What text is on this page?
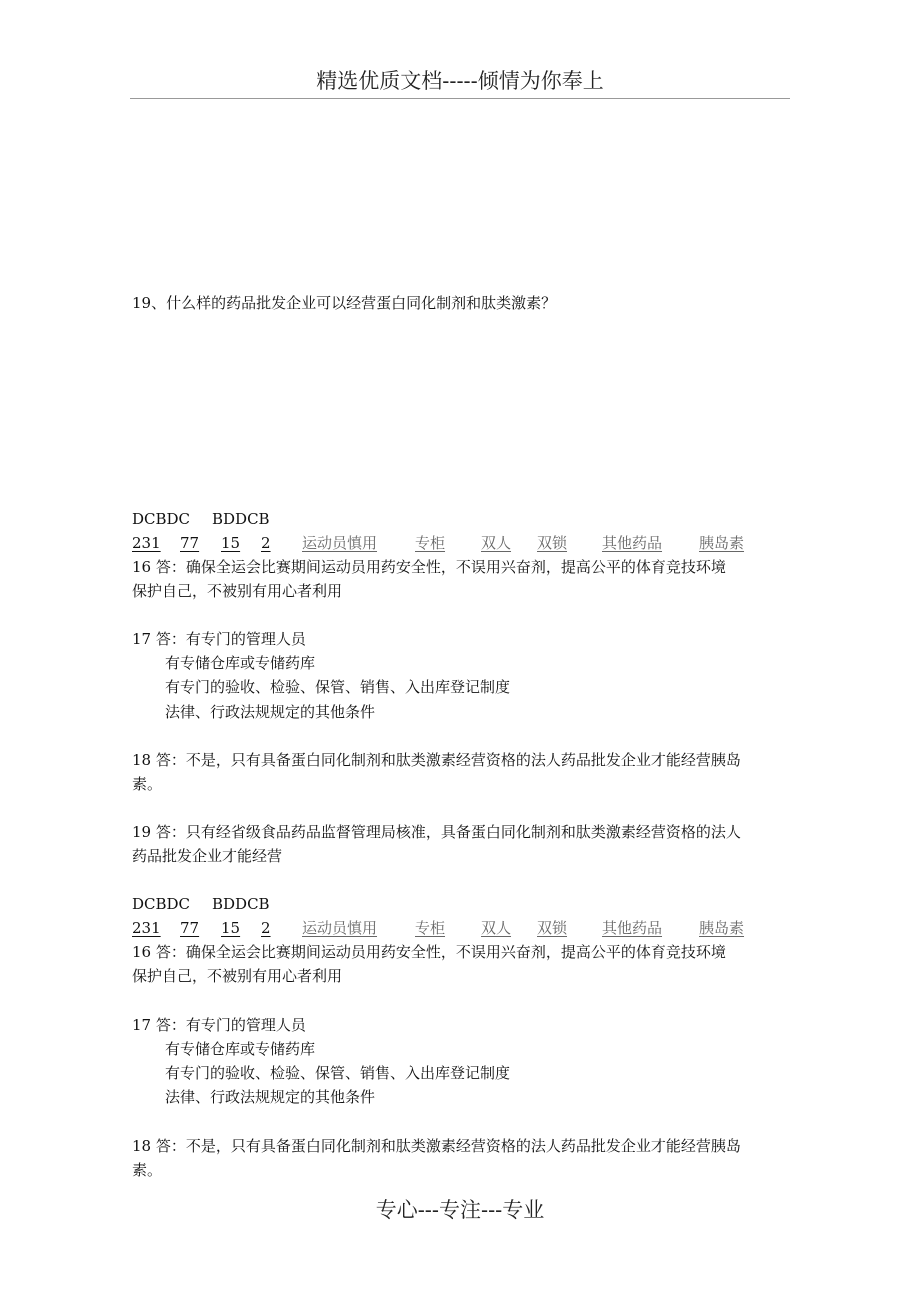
精选优质文档-----倾情为你奉上
19、什么样的药品批发企业可以经营蛋白同化制剂和肽类激素？
DCBDC BDDCB
231 77 15 2 运动员慎用	专柜 双人 双锁 其他药品 胰岛素
16 答：确保全运会比赛期间运动员用药安全性，不误用兴奋剂，提高公平的体育竞技环境
保护自己，不被别有用心者利用
17 答：有专门的管理人员
有专储仓库或专储药库
有专门的验收、检验、保管、销售、入出库登记制度
法律、行政法规规定的其他条件
18 答：不是，只有具备蛋白同化制剂和肽类激素经营资格的法人药品批发企业才能经营胰岛
素。
19 答：只有经省级食品药品监督管理局核准，具备蛋白同化制剂和肽类激素经营资格的法人
药品批发企业才能经营
DCBDC BDDCB
231 77 15 2 运动员慎用	专柜 双人 双锁 其他药品 胰岛素
16 答：确保全运会比赛期间运动员用药安全性，不误用兴奋剂，提高公平的体育竞技环境
保护自己，不被别有用心者利用
17 答：有专门的管理人员
有专储仓库或专储药库
有专门的验收、检验、保管、销售、入出库登记制度
法律、行政法规规定的其他条件
18 答：不是，只有具备蛋白同化制剂和肽类激素经营资格的法人药品批发企业才能经营胰岛
素。
专心---专注---专业
